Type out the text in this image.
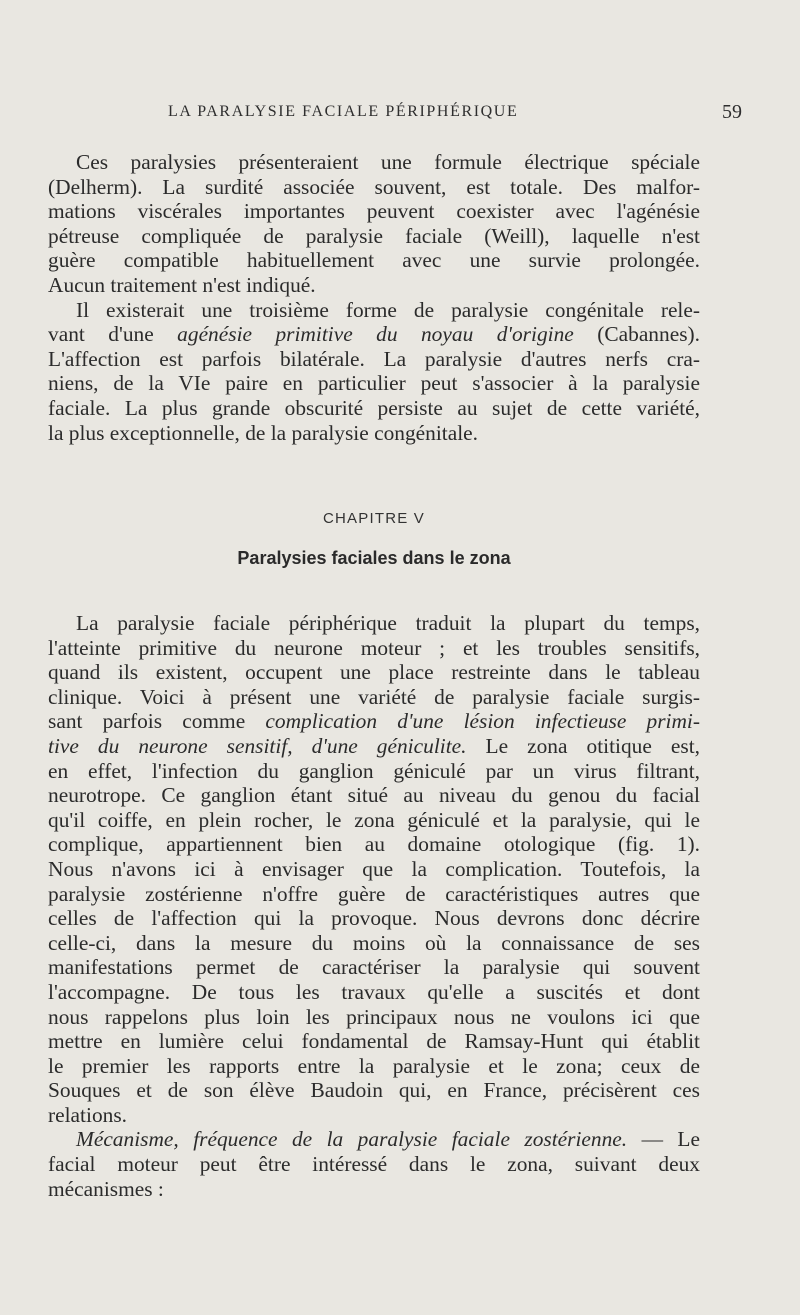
LA PARALYSIE FACIALE PÉRIPHÉRIQUE	59
Ces paralysies présenteraient une formule électrique spéciale
(Delherm). La surdité associée souvent, est totale. Des malfor-
mations viscérales importantes peuvent coexister avec l'agénésie
pétreuse compliquée de paralysie faciale (Weill), laquelle n'est
guère compatible habituellement avec une survie prolongée.
Aucun traitement n'est indiqué.
Il existerait une troisième forme de paralysie congénitale rele-
vant d'une agénésie primitive du noyau d'origine (Cabannes).
L'affection est parfois bilatérale. La paralysie d'autres nerfs cra-
niens, de la VIe paire en particulier peut s'associer à la paralysie
faciale. La plus grande obscurité persiste au sujet de cette variété,
la plus exceptionnelle, de la paralysie congénitale.
CHAPITRE V
Paralysies faciales dans le zona
La paralysie faciale périphérique traduit la plupart du temps,
l'atteinte primitive du neurone moteur ; et les troubles sensitifs,
quand ils existent, occupent une place restreinte dans le tableau
clinique. Voici à présent une variété de paralysie faciale surgis-
sant parfois comme complication d'une lésion infectieuse primi-
tive du neurone sensitif, d'une géniculite. Le zona otitique est,
en effet, l'infection du ganglion géniculé par un virus filtrant,
neurotrope. Ce ganglion étant situé au niveau du genou du facial
qu'il coiffe, en plein rocher, le zona géniculé et la paralysie, qui le
complique, appartiennent bien au domaine otologique (fig. 1).
Nous n'avons ici à envisager que la complication. Toutefois, la
paralysie zostérienne n'offre guère de caractéristiques autres que
celles de l'affection qui la provoque. Nous devrons donc décrire
celle-ci, dans la mesure du moins où la connaissance de ses
manifestations permet de caractériser la paralysie qui souvent
l'accompagne. De tous les travaux qu'elle a suscités et dont
nous rappelons plus loin les principaux nous ne voulons ici que
mettre en lumière celui fondamental de Ramsay-Hunt qui établit
le premier les rapports entre la paralysie et le zona; ceux de
Souques et de son élève Baudoin qui, en France, précisèrent ces
relations.
Mécanisme, fréquence de la paralysie faciale zostérienne. — Le
facial moteur peut être intéressé dans le zona, suivant deux
mécanismes :
